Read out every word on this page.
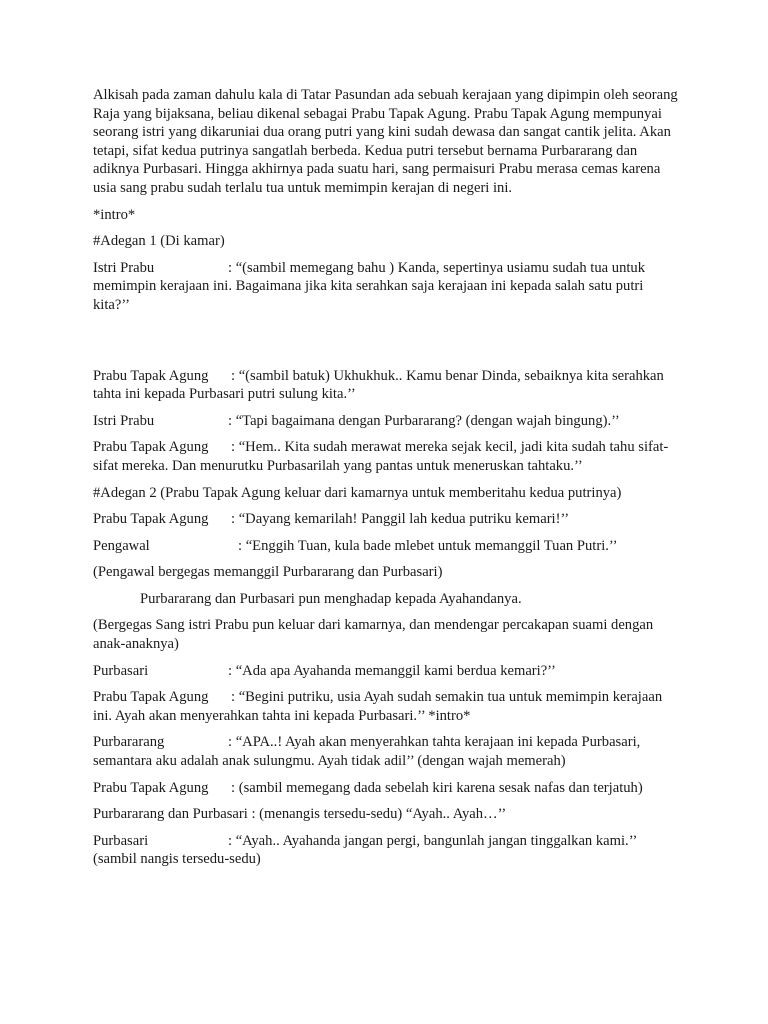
Alkisah pada zaman dahulu kala di Tatar Pasundan ada sebuah kerajaan yang dipimpin oleh seorang Raja yang bijaksana, beliau dikenal sebagai Prabu Tapak Agung. Prabu Tapak Agung mempunyai seorang istri yang dikaruniai dua orang putri yang kini sudah dewasa dan sangat cantik jelita. Akan tetapi, sifat kedua putrinya sangatlah berbeda. Kedua putri tersebut bernama Purbararang dan adiknya Purbasari. Hingga akhirnya pada suatu hari, sang permaisuri Prabu merasa cemas karena usia sang prabu sudah terlalu tua untuk memimpin kerajan di negeri ini.

*intro*

#Adegan 1 (Di kamar)

Istri Prabu	: “(sambil memegang bahu ) Kanda, sepertinya usiamu sudah tua untuk memimpin kerajaan ini. Bagaimana jika kita serahkan saja kerajaan ini kepada salah satu putri kita?’’

Prabu Tapak Agung : “(sambil batuk) Ukhukhuk.. Kamu benar Dinda, sebaiknya kita serahkan tahta ini kepada Purbasari putri sulung kita.’’

Istri Prabu	: “Tapi bagaimana dengan Purbararang? (dengan wajah bingung).’’

Prabu Tapak Agung : “Hem.. Kita sudah merawat mereka sejak kecil, jadi kita sudah tahu sifat-sifat mereka. Dan menurutku Purbasarilah yang pantas untuk meneruskan tahtaku.’’

#Adegan 2 (Prabu Tapak Agung keluar dari kamarnya untuk memberitahu kedua putrinya)

Prabu Tapak Agung : “Dayang kemarilah! Panggil lah kedua putriku kemari!’’

Pengawal	: “Enggih Tuan, kula bade mlebet untuk memanggil Tuan Putri.’’

(Pengawal bergegas memanggil Purbararang dan Purbasari)

Purbararang dan Purbasari pun menghadap kepada Ayahandanya.

(Bergegas Sang istri Prabu pun keluar dari kamarnya, dan mendengar percakapan suami dengan anak-anaknya)

Purbasari	: “Ada apa Ayahanda memanggil kami berdua kemari?’’

Prabu Tapak Agung : “Begini putriku, usia Ayah sudah semakin tua untuk memimpin kerajaan ini. Ayah akan menyerahkan tahta ini kepada Purbasari.’’ *intro*

Purbararang	: “APA..! Ayah akan menyerahkan tahta kerajaan ini kepada Purbasari, semantara aku adalah anak sulungmu. Ayah tidak adil’’ (dengan wajah memerah)

Prabu Tapak Agung : (sambil memegang dada sebelah kiri karena sesak nafas dan terjatuh)

Purbararang dan Purbasari : (menangis tersedu-sedu) “Ayah.. Ayah…’’

Purbasari	: “Ayah.. Ayahanda jangan pergi, bangunlah jangan tinggalkan kami.’’ (sambil nangis tersedu-sedu)
